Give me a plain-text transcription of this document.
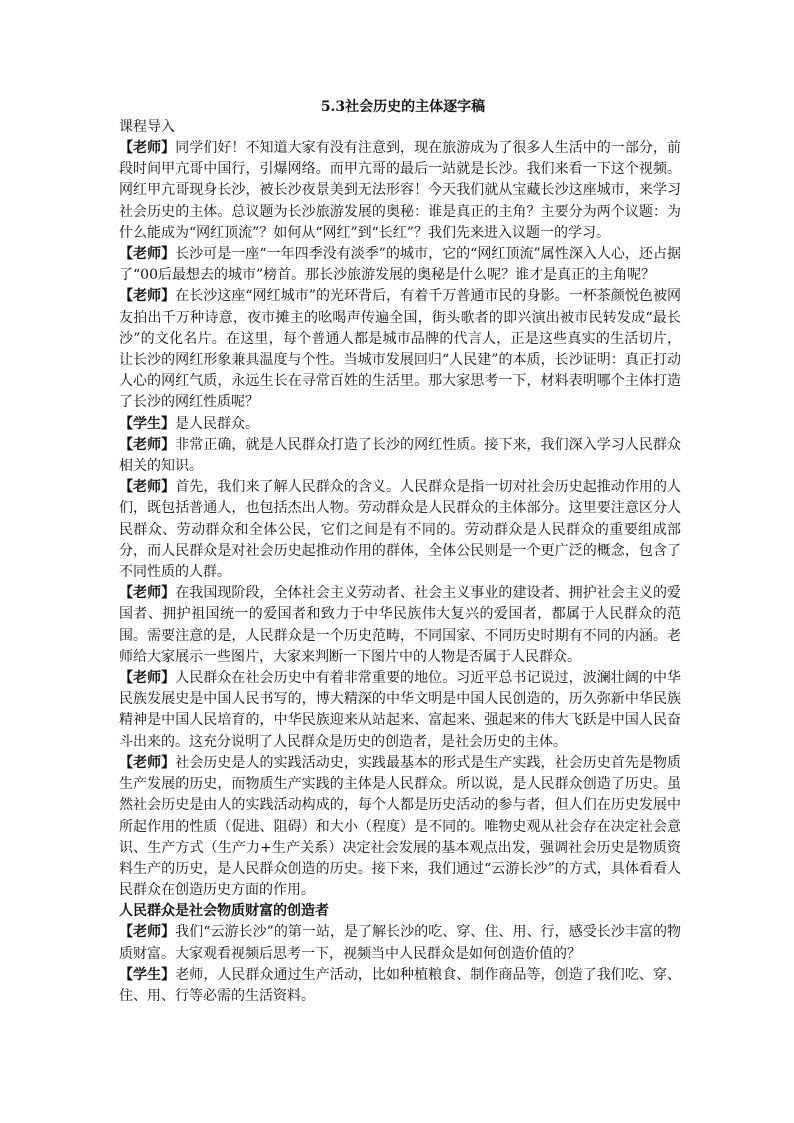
5.3社会历史的主体逐字稿

课程导入

【老师】同学们好！不知道大家有没有注意到，现在旅游成为了很多人生活中的一部分，前段时间甲亢哥中国行，引爆网络。而甲亢哥的最后一站就是长沙。我们来看一下这个视频。网红甲亢哥现身长沙，被长沙夜景美到无法形容！今天我们就从宝藏长沙这座城市，来学习社会历史的主体。总议题为长沙旅游发展的奥秘：谁是真正的主角？主要分为两个议题：为什么能成为“网红顶流”？如何从“网红”到“长红”？我们先来进入议题一的学习。

【老师】长沙可是一座“一年四季没有淡季”的城市，它的“网红顶流”属性深入人心，还占据了“00后最想去的城市”榜首。那长沙旅游发展的奥秘是什么呢？谁才是真正的主角呢？

【老师】在长沙这座“网红城市”的光环背后，有着千万普通市民的身影。一杯茶颜悦色被网友拍出千万种诗意，夜市摊主的吆喝声传遍全国，街头歌者的即兴演出被市民转发成“最长沙”的文化名片。在这里，每个普通人都是城市品牌的代言人，正是这些真实的生活切片，让长沙的网红形象兼具温度与个性。当城市发展回归“人民建”的本质，长沙证明：真正打动人心的网红气质，永远生长在寻常百姓的生活里。那大家思考一下，材料表明哪个主体打造了长沙的网红性质呢？

【学生】是人民群众。

【老师】非常正确，就是人民群众打造了长沙的网红性质。接下来，我们深入学习人民群众相关的知识。

【老师】首先，我们来了解人民群众的含义。人民群众是指一切对社会历史起推动作用的人们，既包括普通人，也包括杰出人物。劳动群众是人民群众的主体部分。这里要注意区分人民群众、劳动群众和全体公民，它们之间是有不同的。劳动群众是人民群众的重要组成部分，而人民群众是对社会历史起推动作用的群体，全体公民则是一个更广泛的概念，包含了不同性质的人群。

【老师】在我国现阶段，全体社会主义劳动者、社会主义事业的建设者、拥护社会主义的爱国者、拥护祖国统一的爱国者和致力于中华民族伟大复兴的爱国者，都属于人民群众的范围。需要注意的是，人民群众是一个历史范畴，不同国家、不同历史时期有不同的内涵。老师给大家展示一些图片，大家来判断一下图片中的人物是否属于人民群众。

【老师】人民群众在社会历史中有着非常重要的地位。习近平总书记说过，波澜壮阔的中华民族发展史是中国人民书写的，博大精深的中华文明是中国人民创造的，历久弥新中华民族精神是中国人民培育的，中华民族迎来从站起来、富起来、强起来的伟大飞跃是中国人民奋斗出来的。这充分说明了人民群众是历史的创造者，是社会历史的主体。

【老师】社会历史是人的实践活动史，实践最基本的形式是生产实践，社会历史首先是物质生产发展的历史，而物质生产实践的主体是人民群众。所以说，是人民群众创造了历史。虽然社会历史是由人的实践活动构成的，每个人都是历史活动的参与者，但人们在历史发展中所起作用的性质（促进、阻碍）和大小（程度）是不同的。唯物史观从社会存在决定社会意识、生产方式（生产力+生产关系）决定社会发展的基本观点出发，强调社会历史是物质资料生产的历史，是人民群众创造的历史。接下来，我们通过“云游长沙”的方式，具体看看人民群众在创造历史方面的作用。

人民群众是社会物质财富的创造者

【老师】我们“云游长沙”的第一站，是了解长沙的吃、穿、住、用、行，感受长沙丰富的物质财富。大家观看视频后思考一下，视频当中人民群众是如何创造价值的？

【学生】老师，人民群众通过生产活动，比如种植粮食、制作商品等，创造了我们吃、穿、住、用、行等必需的生活资料。
